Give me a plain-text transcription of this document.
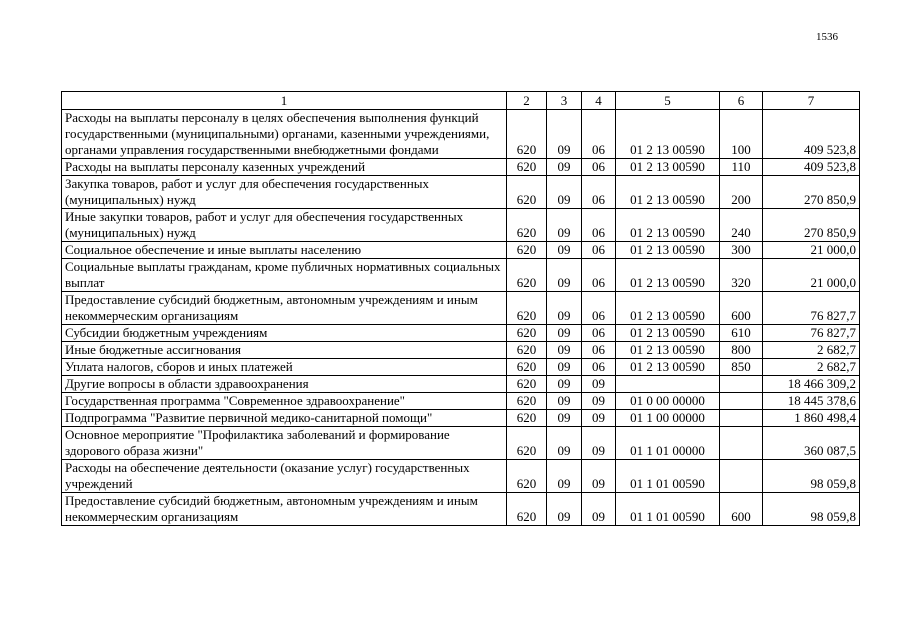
1536
1	2	3	4	5	6	7
Расходы на выплаты персоналу в целях обеспечения выполнения функций государственными (муниципальными) органами, казенными учреждениями, органами управления государственными внебюджетными фондами	620	09	06	01 2 13 00590	100	409 523,8
Расходы на выплаты персоналу казенных учреждений	620	09	06	01 2 13 00590	110	409 523,8
Закупка товаров, работ и услуг для обеспечения государственных (муниципальных) нужд	620	09	06	01 2 13 00590	200	270 850,9
Иные закупки товаров, работ и услуг для обеспечения государственных (муниципальных) нужд	620	09	06	01 2 13 00590	240	270 850,9
Социальное обеспечение и иные выплаты населению	620	09	06	01 2 13 00590	300	21 000,0
Социальные выплаты гражданам, кроме публичных нормативных социальных выплат	620	09	06	01 2 13 00590	320	21 000,0
Предоставление субсидий бюджетным, автономным учреждениям и иным некоммерческим организациям	620	09	06	01 2 13 00590	600	76 827,7
Субсидии бюджетным учреждениям	620	09	06	01 2 13 00590	610	76 827,7
Иные бюджетные ассигнования	620	09	06	01 2 13 00590	800	2 682,7
Уплата налогов, сборов и иных платежей	620	09	06	01 2 13 00590	850	2 682,7
Другие вопросы в области здравоохранения	620	09	09			18 466 309,2
Государственная программа "Современное здравоохранение"	620	09	09	01 0 00 00000		18 445 378,6
Подпрограмма "Развитие первичной медико-санитарной помощи"	620	09	09	01 1 00 00000		1 860 498,4
Основное мероприятие "Профилактика заболеваний и формирование здорового образа жизни"	620	09	09	01 1 01 00000		360 087,5
Расходы на обеспечение деятельности (оказание услуг) государственных учреждений	620	09	09	01 1 01 00590		98 059,8
Предоставление субсидий бюджетным, автономным учреждениям и иным некоммерческим организациям	620	09	09	01 1 01 00590	600	98 059,8
